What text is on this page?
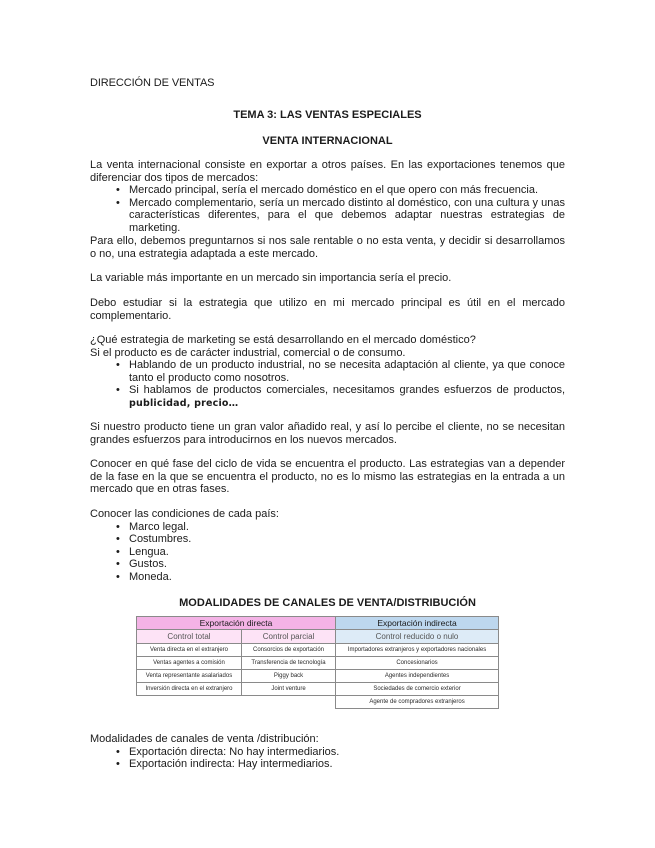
DIRECCIÓN DE VENTAS
TEMA 3: LAS VENTAS ESPECIALES
VENTA INTERNACIONAL

La venta internacional consiste en exportar a otros países. En las exportaciones tenemos que diferenciar dos tipos de mercados:

• Mercado principal, sería el mercado doméstico en el que opero con más frecuencia.
• Mercado complementario, sería un mercado distinto al doméstico, con una cultura y unas características diferentes, para el que debemos adaptar nuestras estrategias de marketing.

Para ello, debemos preguntarnos si nos sale rentable o no esta venta, y decidir si desarrollamos o no, una estrategia adaptada a este mercado.

La variable más importante en un mercado sin importancia sería el precio.

Debo estudiar si la estrategia que utilizo en mi mercado principal es útil en el mercado complementario.

¿Qué estrategia de marketing se está desarrollando en el mercado doméstico?

Si el producto es de carácter industrial, comercial o de consumo.

• Hablando de un producto industrial, no se necesita adaptación al cliente, ya que conoce tanto el producto como nosotros.
• Si hablamos de productos comerciales, necesitamos grandes esfuerzos de productos, publicidad, precio…

Si nuestro producto tiene un gran valor añadido real, y así lo percibe el cliente, no se necesitan grandes esfuerzos para introducirnos en los nuevos mercados.

Conocer en qué fase del ciclo de vida se encuentra el producto. Las estrategias van a depender de la fase en la que se encuentra el producto, no es lo mismo las estrategias en la entrada a un mercado que en otras fases.

Conocer las condiciones de cada país:

• Marco legal.
• Costumbres.
• Lengua.
• Gustos.
• Moneda.
MODALIDADES DE CANALES DE VENTA/DISTRIBUCIÓN
Exportación directa		Exportación indirecta
Control total	Control parcial	Control reducido o nulo
Venta directa en el extranjero	Consorcios de exportación	Importadores extranjeros y exportadores nacionales
Ventas agentes a comisión	Transferencia de tecnología	Concesionarios
Venta representante asalariados	Piggy back	Agentes independientes
Inversión directa en el extranjero	Joint venture	Sociedades de comercio exterior
		Agente de compradores extranjeros

Modalidades de canales de venta /distribución:

• Exportación directa: No hay intermediarios.
• Exportación indirecta: Hay intermediarios.
